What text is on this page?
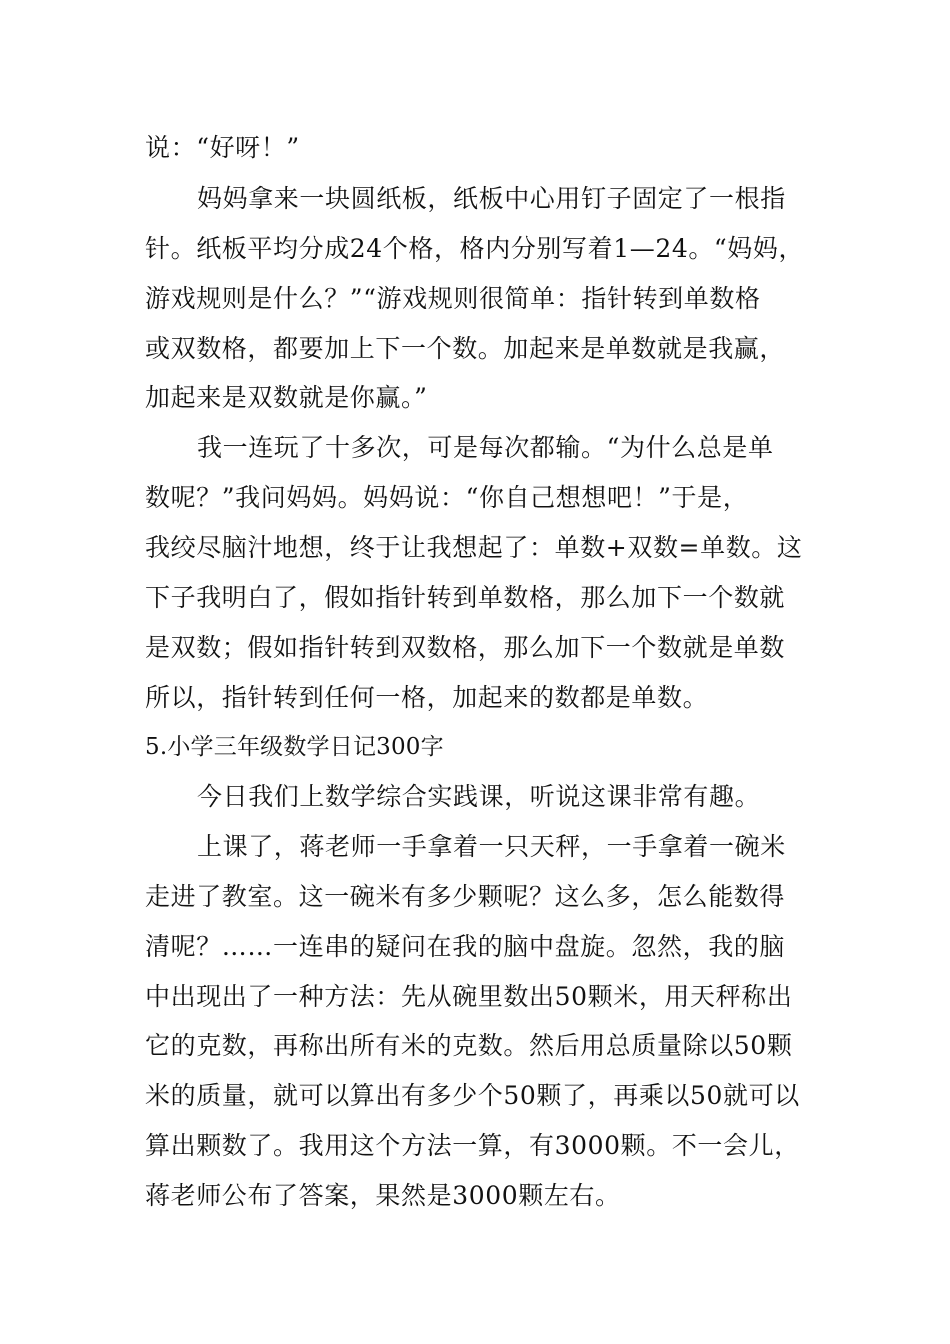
说：“好呀！”
妈妈拿来一块圆纸板，纸板中心用钉子固定了一根指
针。纸板平均分成24个格，格内分别写着1—24。“妈妈，
游戏规则是什么？”“游戏规则很简单：指针转到单数格
或双数格，都要加上下一个数。加起来是单数就是我赢，
加起来是双数就是你赢。”
我一连玩了十多次，可是每次都输。“为什么总是单
数呢？”我问妈妈。妈妈说：“你自己想想吧！”于是，
我绞尽脑汁地想，终于让我想起了：单数+双数=单数。这
下子我明白了，假如指针转到单数格，那么加下一个数就
是双数；假如指针转到双数格，那么加下一个数就是单数
所以，指针转到任何一格，加起来的数都是单数。
5.小学三年级数学日记300字
今日我们上数学综合实践课，听说这课非常有趣。
上课了，蒋老师一手拿着一只天秤，一手拿着一碗米
走进了教室。这一碗米有多少颗呢？这么多，怎么能数得
清呢？……一连串的疑问在我的脑中盘旋。忽然，我的脑
中出现出了一种方法：先从碗里数出50颗米，用天秤称出
它的克数，再称出所有米的克数。然后用总质量除以50颗
米的质量，就可以算出有多少个50颗了，再乘以50就可以
算出颗数了。我用这个方法一算，有3000颗。不一会儿，
蒋老师公布了答案，果然是3000颗左右。
